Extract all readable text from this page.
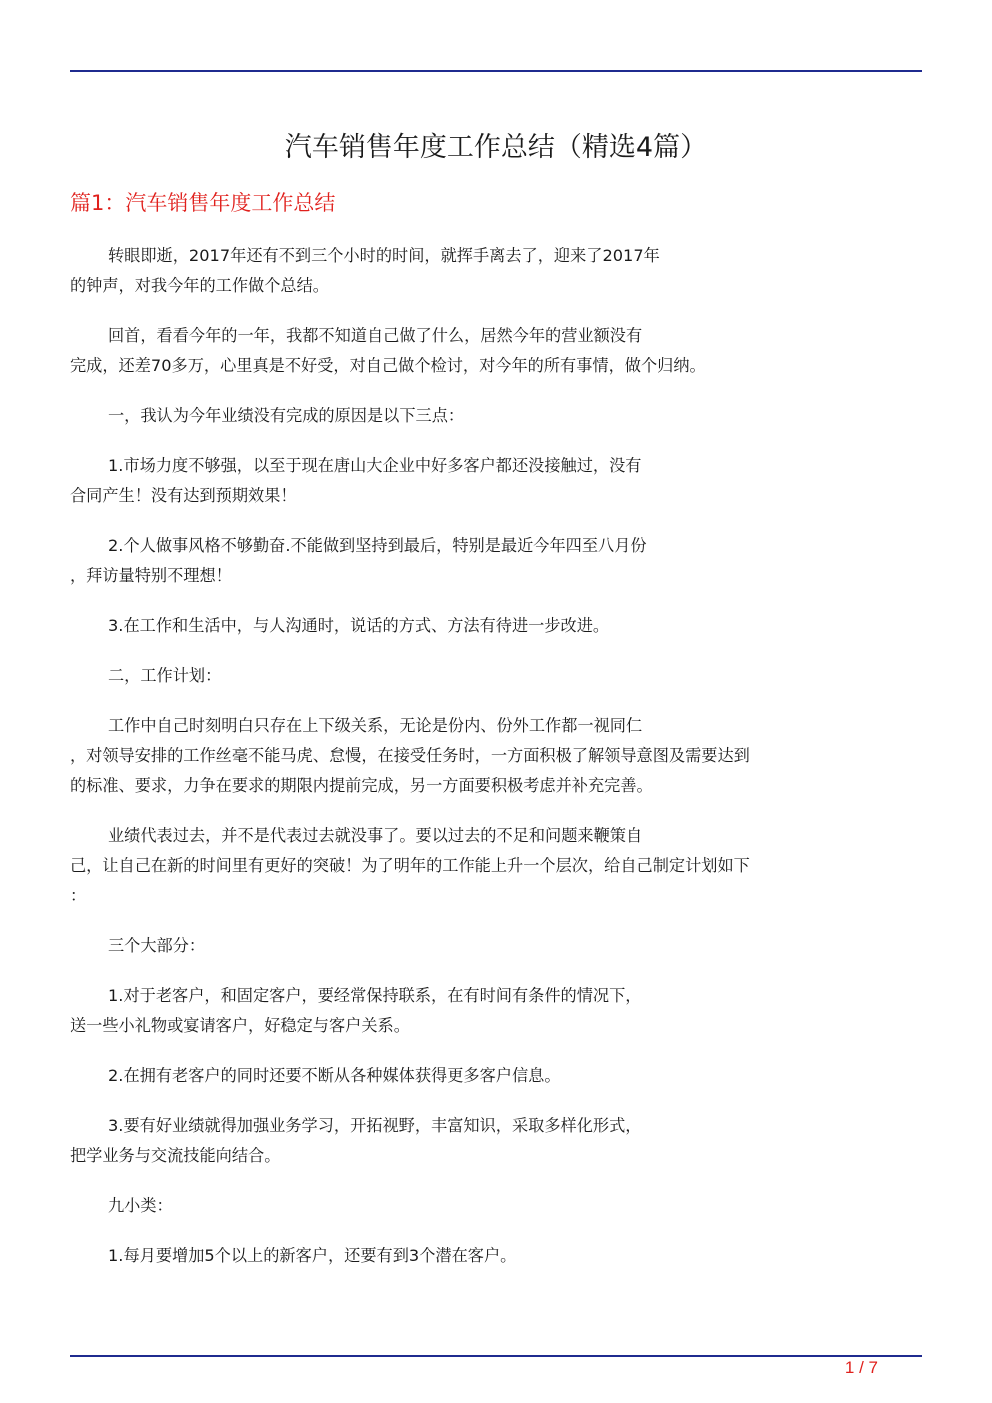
汽车销售年度工作总结（精选4篇）
篇1：汽车销售年度工作总结

转眼即逝，2017年还有不到三个小时的时间，就挥手离去了，迎来了2017年
的钟声，对我今年的工作做个总结。

回首，看看今年的一年，我都不知道自己做了什么，居然今年的营业额没有
完成，还差70多万，心里真是不好受，对自己做个检讨，对今年的所有事情，做个归纳。

一，我认为今年业绩没有完成的原因是以下三点：

1.市场力度不够强，以至于现在唐山大企业中好多客户都还没接触过，没有
合同产生！没有达到预期效果！

2.个人做事风格不够勤奋.不能做到坚持到最后，特别是最近今年四至八月份
，拜访量特别不理想！

3.在工作和生活中，与人沟通时，说话的方式、方法有待进一步改进。

二，工作计划：

工作中自己时刻明白只存在上下级关系，无论是份内、份外工作都一视同仁
，对领导安排的工作丝毫不能马虎、怠慢，在接受任务时，一方面积极了解领导意图及需要达到
的标准、要求，力争在要求的期限内提前完成，另一方面要积极考虑并补充完善。

业绩代表过去，并不是代表过去就没事了。要以过去的不足和问题来鞭策自
己，让自己在新的时间里有更好的突破！为了明年的工作能上升一个层次，给自己制定计划如下
：

三个大部分：

1.对于老客户，和固定客户，要经常保持联系，在有时间有条件的情况下，
送一些小礼物或宴请客户，好稳定与客户关系。

2.在拥有老客户的同时还要不断从各种媒体获得更多客户信息。

3.要有好业绩就得加强业务学习，开拓视野，丰富知识，采取多样化形式，
把学业务与交流技能向结合。

九小类：

1.每月要增加5个以上的新客户，还要有到3个潜在客户。

1 / 7
